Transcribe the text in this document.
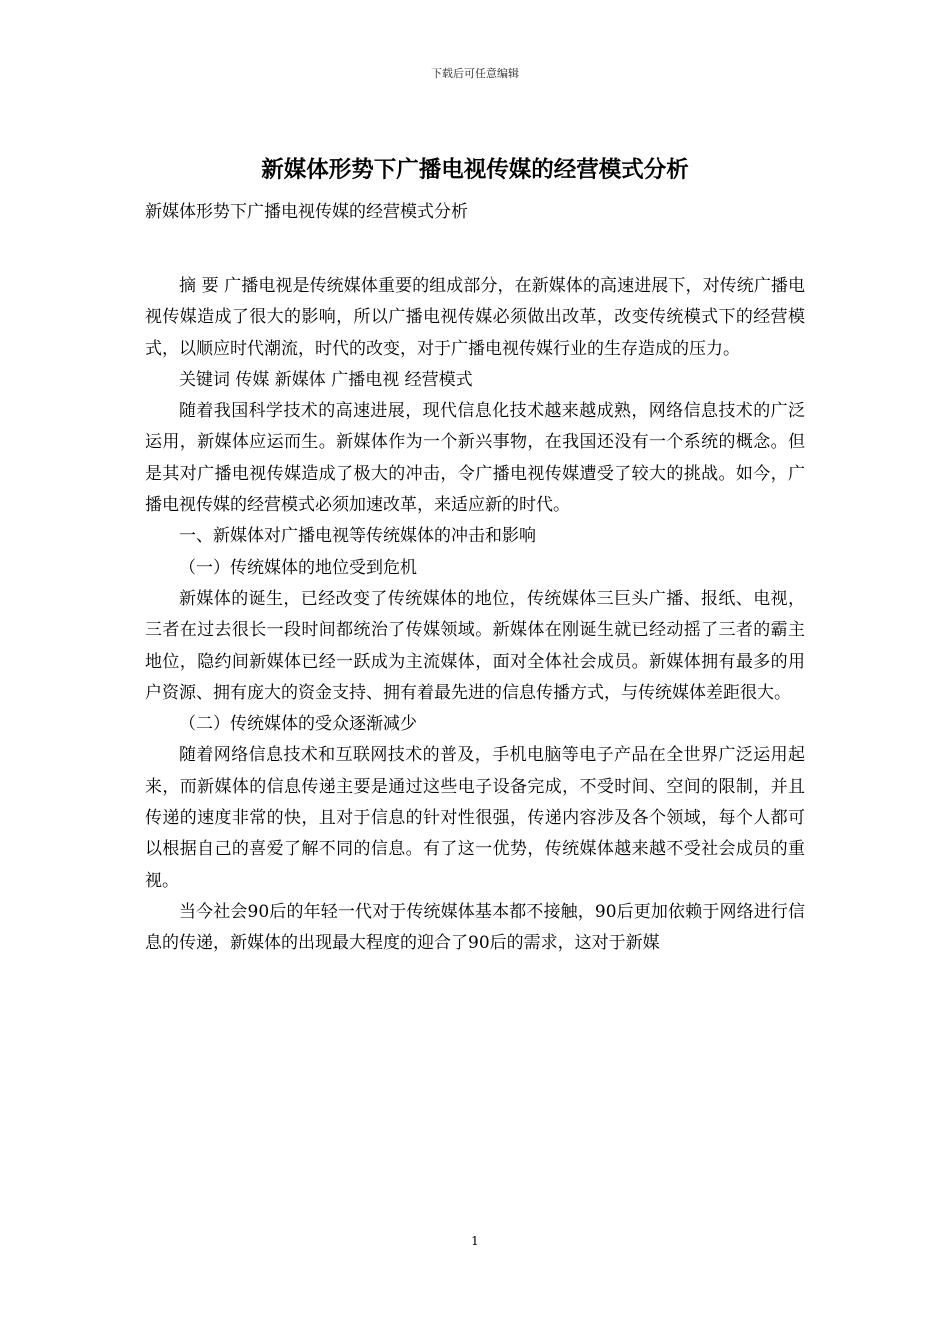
下载后可任意编辑
新媒体形势下广播电视传媒的经营模式分析
新媒体形势下广播电视传媒的经营模式分析

摘 要 广播电视是传统媒体重要的组成部分，在新媒体的高速进展下，对传统广播电视传媒造成了很大的影响，所以广播电视传媒必须做出改革，改变传统模式下的经营模式，以顺应时代潮流，时代的改变，对于广播电视传媒行业的生存造成的压力。

关键词 传媒 新媒体 广播电视 经营模式

随着我国科学技术的高速进展，现代信息化技术越来越成熟，网络信息技术的广泛运用，新媒体应运而生。新媒体作为一个新兴事物，在我国还没有一个系统的概念。但是其对广播电视传媒造成了极大的冲击，令广播电视传媒遭受了较大的挑战。如今，广播电视传媒的经营模式必须加速改革，来适应新的时代。

一、新媒体对广播电视等传统媒体的冲击和影响

（一）传统媒体的地位受到危机

新媒体的诞生，已经改变了传统媒体的地位，传统媒体三巨头广播、报纸、电视，三者在过去很长一段时间都统治了传媒领域。新媒体在刚诞生就已经动摇了三者的霸主地位，隐约间新媒体已经一跃成为主流媒体，面对全体社会成员。新媒体拥有最多的用户资源、拥有庞大的资金支持、拥有着最先进的信息传播方式，与传统媒体差距很大。

（二）传统媒体的受众逐渐减少

随着网络信息技术和互联网技术的普及，手机电脑等电子产品在全世界广泛运用起来，而新媒体的信息传递主要是通过这些电子设备完成，不受时间、空间的限制，并且传递的速度非常的快，且对于信息的针对性很强，传递内容涉及各个领域，每个人都可以根据自己的喜爱了解不同的信息。有了这一优势，传统媒体越来越不受社会成员的重视。

当今社会90后的年轻一代对于传统媒体基本都不接触，90后更加依赖于网络进行信息的传递，新媒体的出现最大程度的迎合了90后的需求，这对于新媒

1
